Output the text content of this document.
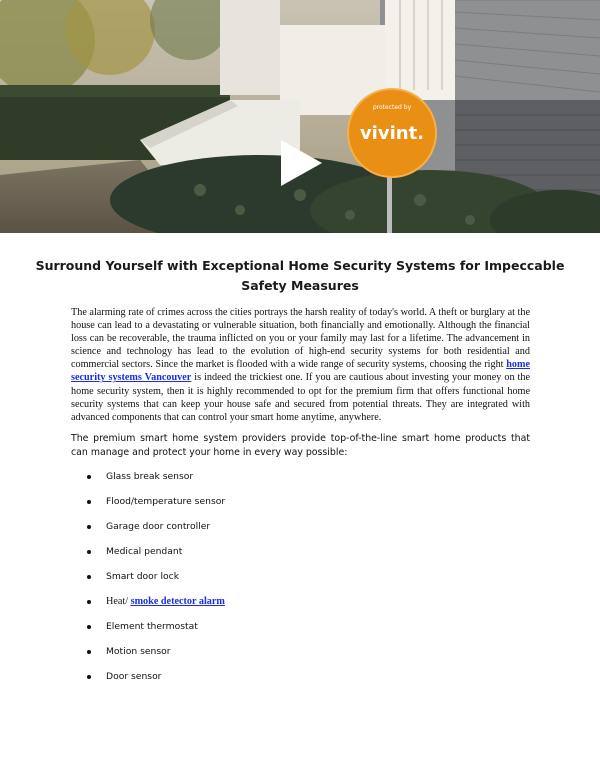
protected by
vivint.
Surround Yourself with Exceptional Home Security Systems for Impeccable
Safety Measures

The alarming rate of crimes across the cities portrays the harsh reality of today's world. A theft or burglary at the house can lead to a devastating or vulnerable situation, both financially and emotionally. Although the financial loss can be recoverable, the trauma inflicted on you or your family may last for a lifetime. The advancement in science and technology has lead to the evolution of high-end security systems for both residential and commercial sectors. Since the market is flooded with a wide range of security systems, choosing the right home security systems Vancouver is indeed the trickiest one. If you are cautious about investing your money on the home security system, then it is highly recommended to opt for the premium firm that offers functional home security systems that can keep your house safe and secured from potential threats. They are integrated with advanced components that can control your smart home anytime, anywhere.

The premium smart home system providers provide top-of-the-line smart home products that can manage and protect your home in every way possible:

Glass break sensor
Flood/temperature sensor
Garage door controller
Medical pendant
Smart door lock
Heat/ smoke detector alarm
Element thermostat
Motion sensor
Door sensor
